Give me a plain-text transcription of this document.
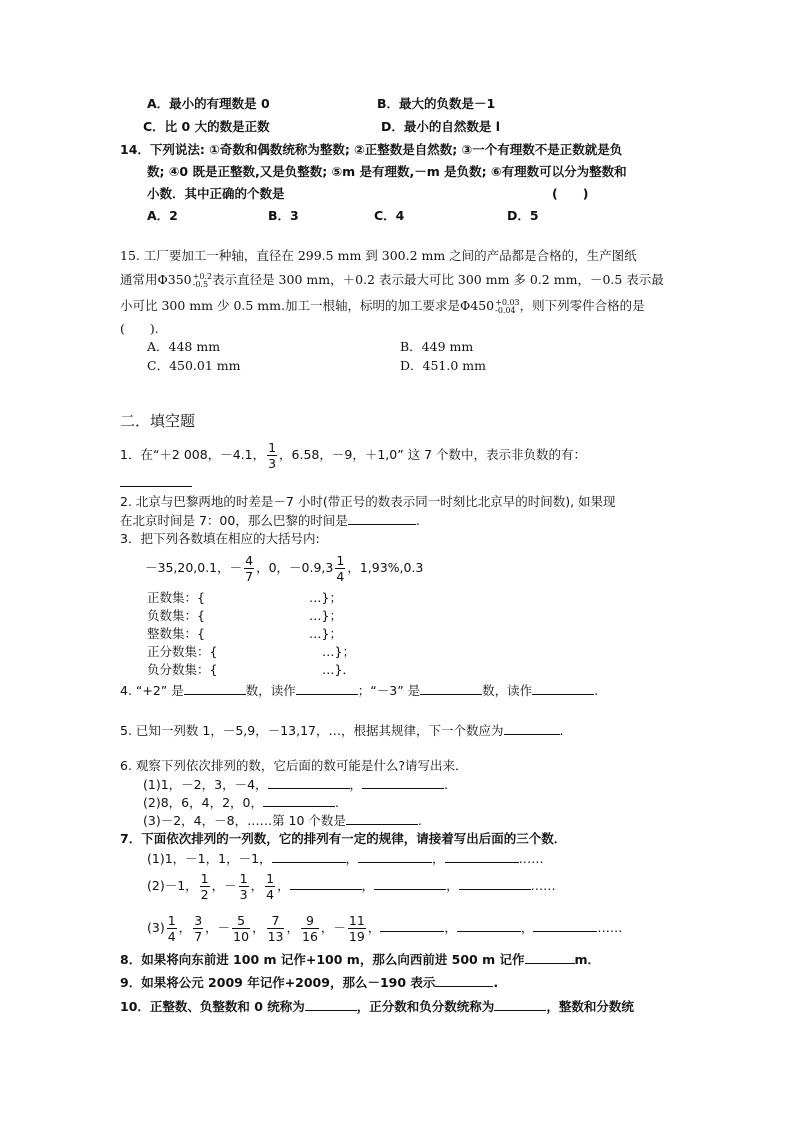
A．最小的有理数是 0	B．最大的负数是－1
C．比 0 大的数是正数	D．最小的自然数是 l
14．下列说法: ①奇数和偶数统称为整数; ②正整数是自然数; ③一个有理数不是正数就是负
数; ④0 既是正整数,又是负整数; ⑤m 是有理数,－m 是负数; ⑥有理数可以分为整数和
小数．其中正确的个数是	(　　)
A．2	B．3	C．4	D．5
15. 工厂要加工一种轴，直径在 299.5 mm 到 300.2 mm 之间的产品都是合格的，生产图纸
通常用Φ350 +0.2
-0.5 表示直径是 300 mm，＋0.2 表示最大可比 300 mm 多 0.2 mm，－0.5 表示最
小可比 300 mm 少 0.5 mm.加工一根轴，标明的加工要求是Φ450 +0.03
-0.04 ，则下列零件合格的是
(　　).
A．448 mm	B．449 mm
C．450.01 mm	D．451.0 mm
二．填空题
1．在“＋2 008，－4.1， $\frac{1}{3}$ ，6.58，－9，＋1,0” 这 7 个数中，表示非负数的有：
2. 北京与巴黎两地的时差是－7 小时(带正号的数表示同一时刻比北京早的时间数), 如果现
在北京时间是 7：00，那么巴黎的时间是	.
3．把下列各数填在相应的大括号内:
－35,20,0.1，－ $\frac{4}{7}$ ，0，$-0.9,3 \frac{1}{4}$ ，1,93%,0.3
正数集：{	…}；
负数集：{	…}；
整数集：{	…}；
正分数集：{	…}；
负分数集：{	…}．
4. “+2” 是	数，读作	；“－3” 是	数，读作	.
5. 已知一列数 1，－5,9，－13,17，…，根据其规律，下一个数应为	.
6. 观察下列依次排列的数，它后面的数可能是什么?请写出来．
(1)1，－2，3，－4，	，	.
(2)8，6，4，2，0，	.
(3)－2，4，－8，……第 10 个数是	.
7．下面依次排列的一列数，它的排列有一定的规律，请接着写出后面的三个数．
(1)1，－1，1，－1，	，	，	……
(2)－1， $\frac{1}{2}$ ，－ $\frac{1}{3}$ ， $\frac{1}{4}$ ，	，	，	……
$(3) \frac{1}{4}$ ， $\frac{3}{7}$ ，－ $\frac{5}{10}$ ， $\frac{7}{13}$ ， $\frac{9}{16}$ ，－ $\frac{11}{19}$ ，	，	，	……
8．如果将向东前进 100 m 记作+100 m，那么向西前进 500 m 记作	m．
9．如果将公元 2009 年记作+2009，那么－190 表示	.
10．正整数、负整数和 0 统称为	，正分数和负分数统称为	，整数和分数统
